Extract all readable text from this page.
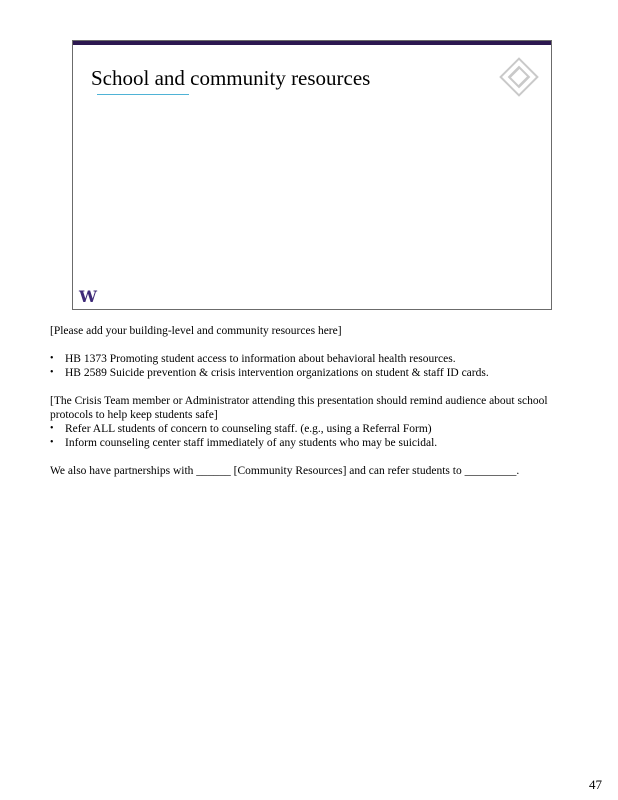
School and community resources
W

[Please add your building-level and community resources here]

• HB 1373 Promoting student access to information about behavioral health resources.
• HB 2589 Suicide prevention & crisis intervention organizations on student & staff ID cards.

[The Crisis Team member or Administrator attending this presentation should remind audience about school protocols to help keep students safe]

• Refer ALL students of concern to counseling staff. (e.g., using a Referral Form)
• Inform counseling center staff immediately of any students who may be suicidal.

We also have partnerships with ______ [Community Resources] and can refer students to _________.

47
